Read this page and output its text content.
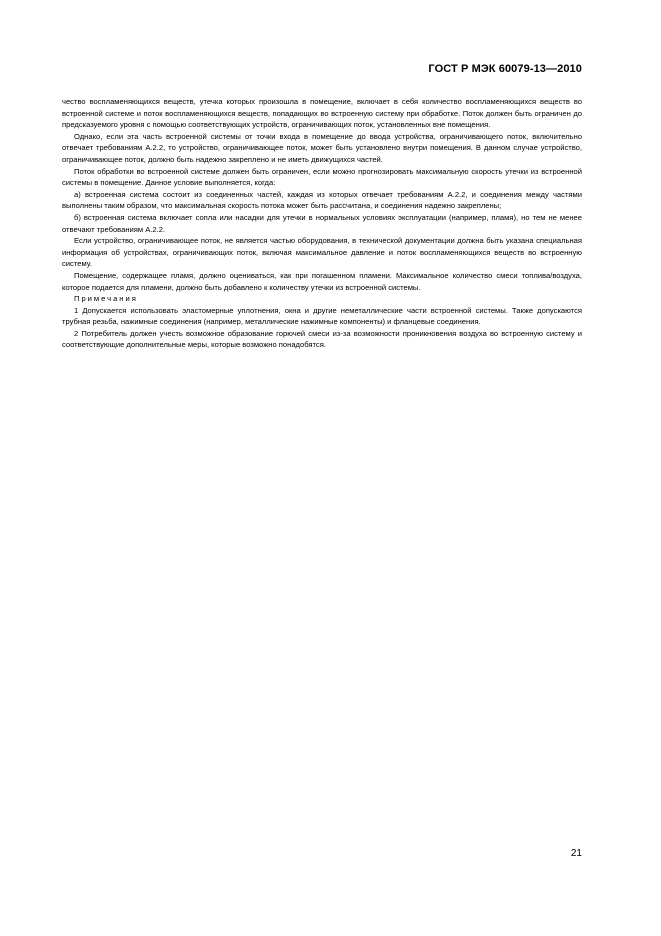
ГОСТ Р МЭК 60079-13—2010

чество воспламеняющихся веществ, утечка которых произошла в помещение, включает в себя количество воспламеняющихся веществ во встроенной системе и поток воспламеняющихся веществ, попадающих во встроенную систему при обработке. Поток должен быть ограничен до предсказуемого уровня с помощью соответствующих устройств, ограничивающих поток, установленных вне помещения.

Однако, если эта часть встроенной системы от точки входа в помещение до ввода устройства, ограничивающего поток, включительно отвечает требованиям А.2.2, то устройство, ограничивающее поток, может быть установлено внутри помещения. В данном случае устройство, ограничивающее поток, должно быть надежно закреплено и не иметь движущихся частей.

Поток обработки во встроенной системе должен быть ограничен, если можно прогнозировать максимальную скорость утечки из встроенной системы в помещение. Данное условие выполняется, когда:

а) встроенная система состоит из соединенных частей, каждая из которых отвечает требованиям А.2.2, и соединения между частями выполнены таким образом, что максимальная скорость потока может быть рассчитана, и соединения надежно закреплены;

б) встроенная система включает сопла или насадки для утечки в нормальных условиях эксплуатации (например, пламя), но тем не менее отвечают требованиям А.2.2.

Если устройство, ограничивающее поток, не является частью оборудования, в технической документации должна быть указана специальная информация об устройствах, ограничивающих поток, включая максимальное давление и поток воспламеняющихся веществ во встроенную систему.

Помещение, содержащее пламя, должно оцениваться, как при погашенном пламени. Максимальное количество смеси топлива/воздуха, которое подается для пламени, должно быть добавлено к количеству утечки из встроенной системы.

Примечания

1 Допускается использовать эластомерные уплотнения, окна и другие неметаллические части встроенной системы. Также допускаются трубная резьба, нажимные соединения (например, металлические нажимные компоненты) и фланцевые соединения.

2 Потребитель должен учесть возможное образование горючей смеси из-за возможности проникновения воздуха во встроенную систему и соответствующие дополнительные меры, которые возможно понадобятся.

21
